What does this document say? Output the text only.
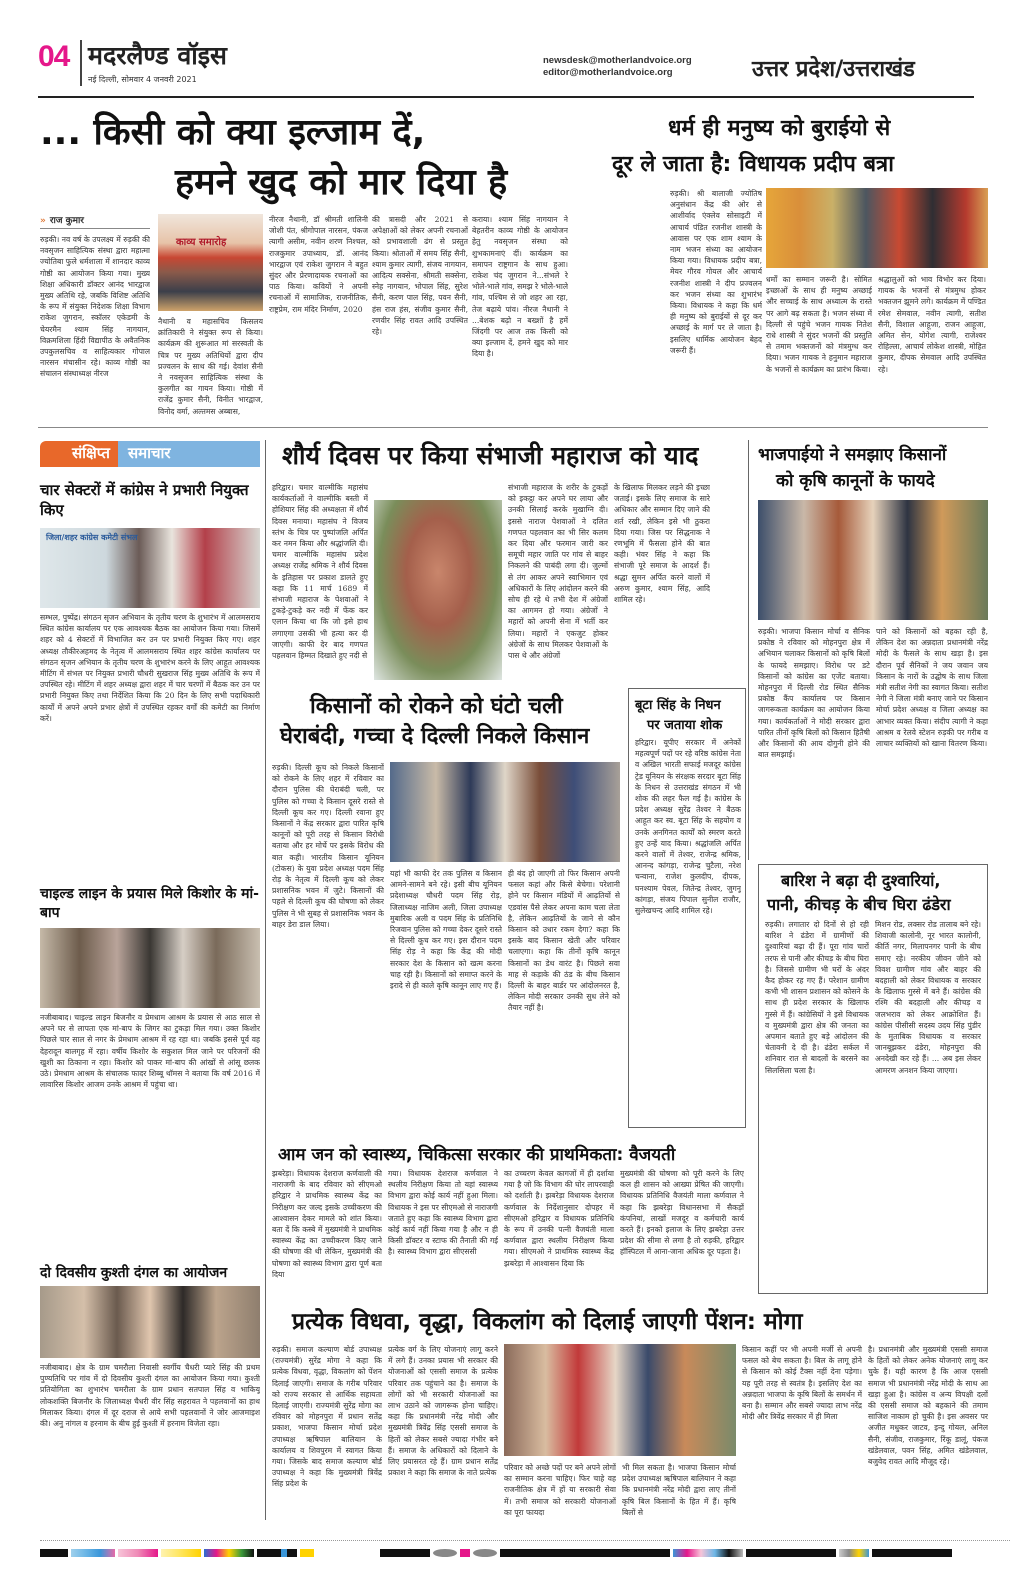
04 मदरलैण्ड वॉइस
नई दिल्ली, सोमवार 4 जनवरी 2021
newsdesk@motherlandvoice.org
editor@motherlandvoice.org	उत्तर प्रदेश/उत्तराखंड
... किसी को क्या इल्जाम दें,
हमने खुद को मार दिया है
» राज कुमार
रुड़की। नव वर्ष के उपलक्ष्य में रुड़की की नवसृजन साहित्यिक संस्था द्वारा महात्मा ज्योतिबा फुले धर्मशाला में शानदार काव्य गोष्ठी का आयोजन किया गया। मुख्य शिक्षा अधिकारी डॉक्टर आनंद भारद्वाज मुख्य अतिथि रहे, जबकि विशिष्ट अतिथि के रूप में संयुक्त निदेशक शिक्षा विभाग राकेश जुगरान, स्कॉलर एकेडमी के चेयरमैन श्याम सिंह नागयान, विक्रमशिला हिंदी विद्यापीठ के अवैतनिक उपकुलसचिव व साहित्यकार गोपाल नारसन मंचासीन रहे। काव्य गोष्ठी का संचालन संस्थाध्यक्ष नीरज
काव्य समारोह
नैथानी व महासचिव किसलय क्रांतिकारी ने संयुक्त रूप से किया। कार्यक्रम की शुरूआत मां सरस्वती के चित्र पर मुख्य अतिथियों द्वारा दीप प्रज्वलन के साथ की गई। देवांश सैनी ने नवसृजन साहित्यिक संस्था के कुलगीत का गायन किया। गोष्ठी में राजेंद्र कुमार सैनी, विनीत भारद्वाज, विनोद वर्मा, अल्तमस अब्बास,
नीरज नैथानी, डॉ श्रीमती शालिनी जोशी पंत, श्रीगोपाल नारसन, पंकज त्यागी असीम, नवीन शरण निश्चल, राजकुमार उपाध्याय, डॉ. आनंद भारद्वाज एवं राकेश जुगरान ने बहुत सुंदर और प्रेरणादायक रचनाओं का पाठ किया। कवियों ने अपनी रचनाओं में सामाजिक, राजनीतिक, राष्ट्रप्रेम, राम मंदिर निर्माण, 2020
की त्रासदी और 2021 से अपेक्षाओं को लेकर अपनी रचनाओं को प्रभावशाली ढंग से प्रस्तुत किया। श्रोताओं में समय सिंह सैनी, श्याम कुमार त्यागी, संजय नागयान, आदित्य सक्सेना, श्रीमती सक्सेना, स्नेह नागयान, भोपाल सिंह, सुरेश सैनी, करण पाल सिंह, पवन सैनी, हंस राज हंस, संजीव कुमार सैनी, रणवीर सिंह रावत आदि उपस्थित रहे।
कराया। श्याम सिंह नागयान ने बेहतरीन काव्य गोष्ठी के आयोजन हेतु नवसृजन संस्था को शुभकामनाएं दीं। कार्यक्रम का समापन राष्ट्रगान के साथ हुआ। राकेश चंद जुगरान ने...संभले रे भोले-भाले गांव, समझ रे भोले-भाले गांव, पश्चिम से जो शहर आ रहा, तेज बढ़ाये पांव। नीरज नैथानी ने ...बेशक बढ़ो न बख्शों है हमें जिंदगी पर आज तक किसी को क्या इल्जाम दें, हमने खुद को मार दिया है।
धर्म ही मनुष्य को बुराईयो से
दूर ले जाता है: विधायक प्रदीप बत्रा
रुड़की। श्री बालाजी ज्योतिष अनुसंधान केंद्र की ओर से आशीर्वाद एंक्लेव सोसाइटी में आचार्य पंडित रजनीश शास्त्री के आवास पर एक शाम श्याम के नाम भजन संध्या का आयोजन किया गया। विधायक प्रदीप बत्रा, मेयर गौरव गोयल और आचार्य रजनीश शास्त्री ने दीप प्रज्वलन कर भजन संध्या का शुभारंभ किया। विधायक ने कहा कि धर्म ही मनुष्य को बुराईयों से दूर कर अच्छाई के मार्ग पर ले जाता है। इसलिए धार्मिक आयोजन बेहद जरूरी हैं।
धर्मों का सम्मान जरूरी है। सोमित इच्छाओं के साथ ही मनुष्य अच्छाई और सच्चाई के साथ अध्यात्म के रास्ते पर आगे बढ़ सकता है। भजन संध्या में दिल्ली से पहुंचे भजन गायक नितेश राधे शास्त्री ने सुंदर भजनों की प्रस्तुति से तमाम भक्तजनों को मंत्रमुग्ध कर दिया। भजन गायक ने हनुमान महाराज के भजनों से कार्यक्रम का प्रारंभ किया।
श्रद्धालुओं को भाव विभोर कर दिया। गायक के भजनों से मंत्रमुग्ध होकर भक्तजन झूमने लगे। कार्यक्रम में पण्डित रमेश सेमवाल, नवीन त्यागी, सतीश सैनी, विशाल आहूजा, राजन आहूजा, अमित सेन, योगेश त्यागी, राजेश्वर रोहिल्ला, आचार्य लोकेश शास्त्री, मोहित कुमार, दीपक सेमवाल आदि उपस्थित रहे।
संक्षिप्त	समाचार
चार सेक्टरों में कांग्रेस ने प्रभारी नियुक्त किए
जिला/शहर कांग्रेस कमेटी संभल
सम्भल, पुष्पेंद्र। संगठन सृजन अभियान के तृतीय चरण के शुभारंभ में आलमसराय स्थित कांग्रेस कार्यालय पर एक आवश्यक बैठक का आयोजन किया गया। जिसमें शहर को 4 सेक्टरों में विभाजित कर उन पर प्रभारी नियुक्त किए गए। शहर अध्यक्ष तौकीरअहमद के नेतृत्व में आलमसराय स्थित शहर कांग्रेस कार्यालय पर संगठन सृजन अभियान के तृतीय चरण के शुभारंभ करने के लिए आहूत आवश्यक मीटिंग में संभल पर नियुक्त प्रभारी चौधरी सुखराज सिंह मुख्य अतिथि के रूप में उपस्थित रहे। मीटिंग में शहर अध्यक्ष द्वारा शहर में चार चरणों में बैठक कर उन पर प्रभारी नियुक्त किए तथा निर्देशित किया कि 20 दिन के लिए सभी पदाधिकारी कार्यों में अपने अपने प्रभार क्षेत्रों में उपस्थित रहकर वर्गों की कमेटी का निर्माण करें।
चाइल्ड लाइन के प्रयास मिले किशोर के मां-बाप
नजीबाबाद। चाइल्ड लाइन बिजनौर व प्रेमधाम आश्रम के प्रयास से आठ साल से अपने घर से लापता एक मां-बाप के जिगर का टुकड़ा मिल गया। उक्त किशोर पिछले चार साल से नगर के प्रेमधाम आश्रम में रह रहा था। जबकि इससे पूर्व वह देहरादून बालगृह में रहा। वर्षीय किशोर के सकुशल मिल जाने पर परिजनों की खुशी का ठिकाना न रहा। किशोर को पाकर मां-बाप की आंखों से आंसू छलक उठे। प्रेमधाम आश्रम के संचालक फादर शिब्बू थॉमस ने बताया कि वर्ष 2016 में लावारिस किशोर आजम उनके आश्रम में पहुंचा था।
दो दिवसीय कुश्ती दंगल का आयोजन
नजीबाबाद। क्षेत्र के ग्राम चमरौला निवासी स्वर्गीय चैधरी प्यारे सिंह की प्रथम पुण्यतिथि पर गांव में दो दिवसीय कुश्ती दंगल का आयोजन किया गया। कुश्ती प्रतियोगिता का शुभारंभ चमरौला के ग्राम प्रधान सतपाल सिंह व भाकियू लोकशक्ति बिजनौर के जिलाध्यक्ष चैधरी वीर सिंह सहरावत ने पहलवानों का हाथ मिलाकर किया। दंगल में दूर दराज से आये सभी पहलवानों ने जोर आजमाइश की। अनु नांगल व हरनाम के बीच हुई कुश्ती में हरनाम विजेता रहा।
शौर्य दिवस पर किया संभाजी महाराज को याद
हरिद्वार। चमार वाल्मीकि महासंघ कार्यकर्ताओं ने वाल्मीकि बस्ती में होशियार सिंह की अध्यक्षता में शौर्य दिवस मनाया। महासंघ ने विजय स्तंभ के चित्र पर पुष्पांजलि अर्पित कर नमन किया और श्रद्धांजलि दी। चमार वाल्मीकि महासंघ प्रदेश अध्यक्ष राजेंद्र श्रमिक ने शौर्य दिवस के इतिहास पर प्रकाश डालते हुए कहा कि 11 मार्च 1689 में संभाजी महाराज के पेशवाओं ने टुकड़े-टुकड़े कर नदी में फेंक कर एलान किया था कि जो इसे हाथ लगाएगा उसकी भी हत्या कर दी जाएगी। काफी देर बाद गणपत पहलवान हिम्मत दिखाते हुए नदी से
संभाजी महाराज के शरीर के टुकड़ों को इकट्ठा कर अपने घर लाया और उनकी सिलाई करके मुखाग्नि दी। इससे नाराज पेशवाओं ने दलित गणपत पहलवान का भी सिर कलम कर दिया और फरमान जारी कर समूची महार जाति पर गांव से बाहर निकलने की पाबंदी लगा दी। जुल्मों से तंग आकर अपने स्वाभिमान एवं अधिकारों के लिए आंदोलन करने की सोच ही रहे थे तभी देश में अंग्रेजों का आगमन हो गया। अंग्रेजों ने महारों को अपनी सेना में भर्ती कर लिया। महारों ने एकजुट होकर अंग्रेजों के साथ मिलकर पेशवाओं के पास थे और अंग्रेजों
के खिलाफ मिलकर लड़ने की इच्छा जताई। इसके लिए समाज के सारे अधिकार और सम्मान दिए जाने की शर्त रखी, लेकिन इसे भी ठुकरा दिया गया। जिस पर सिद्धनाक ने रणभूमि में फैसला होने की बात कही। भंवर सिंह ने कहा कि संभाजी पूरे समाज के आदर्श हैं। श्रद्धा सुमन अर्पित करने वालों में अरुण कुमार, श्याम सिंह, आदि शामिल रहे।
भाजपाईयो ने समझाए किसानों
को कृषि कानूनों के फायदे
रुड़की। भाजपा किसान मोर्चा व सैनिक प्रकोष्ठ ने रविवार को मोहनपुरा क्षेत्र में अभियान चलाकर किसानों को कृषि बिलों के फायदे समझाए। विरोध पर डटे किसानों को कांग्रेस का एजेंट बताया। मोहनपुरा में दिल्ली रोड स्थित सैनिक प्रकोष्ठ कैंप कार्यालय पर किसान जागरूकता कार्यक्रम का आयोजन किया गया। कार्यकर्ताओं ने मोदी सरकार द्वारा पारित तीनों कृषि बिलों को किसान हितैषी और किसानों की आय दोगुनी होने की बात समझाई।
पाने को किसानों को बहका रही है, लेकिन देश का अन्नदाता प्रधानमंत्री नरेंद्र मोदी के फैसले के साथ खड़ा है। इस दौरान पूर्व सैनिकों ने जय जवान जय किसान के नारों के उद्घोष के साथ जिला मंत्री सतीश नेगी का स्वागत किया। सतीश नेगी ने जिला मंत्री बनाए जाने पर किसान मोर्चा प्रदेश अध्यक्ष व जिला अध्यक्ष का आभार व्यक्त किया। संदीप त्यागी ने कहा आश्रम व रेलवे स्टेशन रुड़की पर गरीब व लाचार व्यक्तियों को खाना वितरण किया।
किसानों को रोकने को घंटो चली
घेराबंदी, गच्चा दे दिल्ली निकले किसान
रुड़की। दिल्ली कूच को निकले किसानों को रोकने के लिए शहर में रविवार का दौरान पुलिस की घेराबंदी चली, पर पुलिस को गच्चा दे किसान दूसरे रास्ते से दिल्ली कूच कर गए। दिल्ली रवाना हुए किसानों ने केंद्र सरकार द्वारा पारित कृषि कानूनों को पूरी तरह से किसान विरोधी बताया और हर मोर्चे पर इसके विरोध की बात कही। भारतीय किसान यूनियन (टोकस) के युवा प्रदेश अध्यक्ष पदम सिंह रोड़ के नेतृत्व में दिल्ली कूच को लेकर प्रशासनिक भवन में जुटे। किसानों की पहले से दिल्ली कूच की घोषणा को लेकर पुलिस ने भी सुबह से प्रशासनिक भवन के बाहर डेरा डाल लिया।
यहां भी काफी देर तक पुलिस व किसान आमने-सामने बने रहे। इसी बीच यूनियन प्रदेशाध्यक्ष चौधरी पदम सिंह रोड़, जिलाध्यक्ष नाजिम अली, जिला उपाध्यक्ष मुबारिक अली व पदम सिंह के प्रतिनिधि रिजवान पुलिस को गच्चा देकर दूसरे रास्ते से दिल्ली कूच कर गए। इस दौरान पदम सिंह रोड़ ने कहा कि केंद्र की मोदी सरकार देश के किसान को खत्म करना चाह रही है। किसानों को समाप्त करने के इरादे से ही काले कृषि कानून लाए गए हैं।
ही बंद हो जाएगी तो फिर किसान अपनी फसल कहां और किसे बेचेगा। परेशानी होने पर किसान मंडियों में आढ़तियों से एडवांस पैसे लेकर अपना काम चला लेता है, लेकिन आढ़तियों के जाने से कौन किसान को उधार रकम देगा? कहा कि इसके बाद किसान खेती और परिवार चलाएगा। कहा कि तीनों कृषि कानून किसानों का डेथ वारंट है। पिछले सवा माह से कड़ाके की ठंड के बीच किसान दिल्ली के बाहर बार्डर पर आंदोलनरत है, लेकिन मोदी सरकार उनकी सुध लेने को तैयार नहीं है।
बूटा सिंह के निधन
पर जताया शोक
हरिद्वार। यूपीए सरकार में अनेकों महत्वपूर्ण पदों पर रहे वरिष्ठ कांग्रेस नेता व अखिल भारती सफाई मजदूर कांग्रेस ट्रेड यूनियन के संरक्षक सरदार बूटा सिंह के निधन से उत्तराखंड संगठन में भी शोक की लहर फैल गई है। कांग्रेस के प्रदेश अध्यक्ष सुरेंद्र तेश्वर ने बैठक आहूत कर स्व. बूटा सिंह के सहयोग व उनके अनगिनत कार्यों को स्मरण करते हुए उन्हें याद किया। श्रद्धांजलि अर्पित करने वालों में तेश्वर, राजेन्द्र श्रमिक, आनन्द कांगड़ा, राजेन्द्र चुटैला, नरेश चन्वाना, राजेश कुलदीप, दीपक, घनश्याम पेवल, जितेन्द्र तेश्वर, जुगनू कांगड़ा, संजय पिपाल सुनील राजौर, सुलेखचन्द आदि शामिल रहे।
बारिश ने बढ़ा दी दुश्वारियां,
पानी, कीचड़ के बीच घिरा ढंडेरा
रुड़की। लगातार दो दिनों से हो रही बारिश ने ढंडेरा में ग्रामीणों की दुश्वारियां बढ़ा दी हैं। पूरा गांव चारों तरफ से पानी और कीचड़ के बीच घिरा है। जिससे ग्रामीण भी घरों के अंदर कैद होकर रह गए हैं। परेशान ग्रामीण कभी भी शासन प्रशासन को कोसने के साथ ही प्रदेश सरकार के खिलाफ गुस्से में हैं। कांग्रेसियों ने इसे विधायक व मुख्यमंत्री द्वारा क्षेत्र की जनता का अपमान बताते हुए बड़े आंदोलन की चेतावनी दे दी है। ढंडेरा सर्कल में शनिवार रात से बादलों के बरसने का सिलसिला चला है।
मिशन रोड, लक्सर रोड तालाब बने रहे। शिवाजी कालोनी, नूर भारत कालोनी, कीर्ति नगर, मिलापनगर पानी के बीच समाए रहे। नरकीय जीवन जीने को विवश ग्रामीण गांव और बाहर की बदहाली को लेकर विधायक व सरकार के खिलाफ गुस्से में बने हैं। कांग्रेस की रश्मि की बदहाली और कीचड़ व जलभराव को लेकर आक्रोशित हैं। कांग्रेस पीसीसी सदस्य उदय सिंह पुंडीर के मुताबिक विधायक व सरकार जानबूझकर ढंडेरा, मोहनपुरा की अनदेखी कर रहे हैं। ... अब इस लेकर आमरण अनशन किया जाएगा।
आम जन को स्वास्थ्य, चिकित्सा सरकार की प्राथमिकता: वैजयती
झबरेड़ा। विधायक देशराज कर्णवाली की नाराजगी के बाद रविवार को सीएमओ हरिद्वार ने प्राथमिक स्वास्थ्य केंद्र का निरीक्षण कर जल्द इसके उच्चीकरण की आश्वासन देकर मामले को शांत किया। बता दें कि कस्बे में मुख्यमंत्री ने प्राथमिक स्वास्थ्य केंद्र का उच्चीकरण किए जाने की घोषणा की थी लेकिन, मुख्यमंत्री की घोषणा को स्वास्थ्य विभाग द्वारा पूर्ण बता दिया
गया। विधायक देशराज कर्णवाल ने स्थलीय निरीक्षण किया तो यहां स्वास्थ्य विभाग द्वारा कोई कार्य नहीं हुआ मिला। विधायक ने इस पर सीएमओ से नाराजगी जताते हुए कहा कि स्वास्थ्य विभाग द्वारा कोई कार्य नहीं किया गया है और न ही किसी डॉक्टर व स्टाफ की तैनाती की गई है। स्वास्थ्य विभाग द्वारा सीएससी
का उच्चरण केवल कागजों में ही दर्शाया गया है जो कि विभाग की घोर लापरवाही को दर्शाती है। झबरेड़ा विधायक देशराज कर्णवाल के निर्देशानुसार दोपहर में सीएमओ हरिद्वार व विधायक प्रतिनिधि के रूप में उनकी पत्नी वैजयंती माला कर्णवाल द्वारा स्थलीय निरीक्षण किया गया। सीएमओ ने प्राथमिक स्वास्थ्य केंद्र झबरेड़ा में आश्वासन दिया कि
मुख्यमंत्री की घोषणा को पूरी करने के लिए कल ही शासन को आख्या प्रेषित की जाएगी। विधायक प्रतिनिधि वैजयंती माला कर्णवाल ने कहा कि झबरेड़ा विधानसभा में सैकड़ों कंपनियां, लाखों मजदूर व कर्मचारी कार्य करते हैं। इनको इलाज के लिए झबरेड़ा उत्तर प्रदेश की सीमा से लगा है तो रुड़की, हरिद्वार हॉस्पिटल में आना-जाना अधिक दूर पड़ता है।
प्रत्येक विधवा, वृद्धा, विकलांग को दिलाई जाएगी पेंशन: मोगा
रुड़की। समाज कल्याण बोर्ड उपाध्यक्ष (राज्यमंत्री) सुरेंद्र मोगा ने कहा कि प्रत्येक विधवा, वृद्धा, विकलांग को पेंशन दिलाई जाएगी। समाज के गरीब परिवार को राज्य सरकार से आर्थिक सहायता दिलाई जाएगी। राज्यमंत्री सुरेंद्र मोगा का रविवार को मोहनपुरा में प्रधान सतेंद्र प्रकाश, भाजपा किसान मोर्चा प्रदेश उपाध्यक्ष ऋषिपाल बालियान के कार्यालय व शिवपुरम में स्वागत किया गया। जिसके बाद समाज कल्याण बोर्ड उपाध्यक्ष ने कहा कि मुख्यमंत्री त्रिवेंद्र सिंह प्रदेश के
प्रत्येक वर्ग के लिए योजनाएं लागू करने में लगे हैं। उनका प्रयास भी सरकार की योजनाओं को एससी समाज के प्रत्येक परिवार तक पहुंचाने का है। समाज के लोगों को भी सरकारी योजनाओं का लाभ उठाने को जागरूक होना चाहिए। कहा कि प्रधानमंत्री नरेंद्र मोदी और मुख्यमंत्री त्रिवेंद्र सिंह एससी समाज के हितों को लेकर सबसे ज्यादा गंभीर बने हैं। समाज के अधिकारों को दिलाने के लिए प्रयासरत रहे हैं। ग्राम प्रधान सतेंद्र प्रकाश ने कहा कि समाज के नाते प्रत्येक
परिवार को अच्छे पदों पर बने अपने लोगों का सम्मान करना चाहिए। फिर चाहे वह राजनीतिक क्षेत्र में हों या सरकारी सेवा में। तभी समाज को सरकारी योजनाओं का पूरा फायदा
भी मिल सकता है। भाजपा किसान मोर्चा प्रदेश उपाध्यक्ष ऋषिपाल बालियान ने कहा कि प्रधानमंत्री नरेंद्र मोदी द्वारा लाए तीनों कृषि बिल किसानों के हित में हैं। कृषि बिलों से
किसान कहीं पर भी अपनी मर्जी से अपनी फसल को बेच सकता है। बिल के लागू होने से किसान को कोई टैक्स नहीं देना पड़ेगा। यह पूरी तरह से स्वतंत्र है। इसलिए देश का अन्नदाता भाजपा के कृषि बिलों के समर्थन में बना है। सम्मान और सबसे ज्यादा लाभ नरेंद्र मोदी और त्रिवेंद्र सरकार में ही मिला
है। प्रधानमंत्री और मुख्यमंत्री एससी समाज के हितों को लेकर अनेक योजनाएं लागू कर चुके हैं। यही कारण है कि आज एससी समाज भी प्रधानमंत्री नरेंद्र मोदी के साथ आ खड़ा हुआ है। कांग्रेस व अन्य विपक्षी दलों की एससी समाज को बहकाने की तमाम साजिश नाकाम हो चुकी है। इस अवसर पर अजीत मधुकर जाटव, इन्दु गोयल, अनिल सैनी, संजीव, राजकुमार, रिंकू डालूं, पंकज खंडेलवाल, पवन सिंह, अमित खंडेलवाल, बजुवेद रावत आदि मौजूद रहे।
